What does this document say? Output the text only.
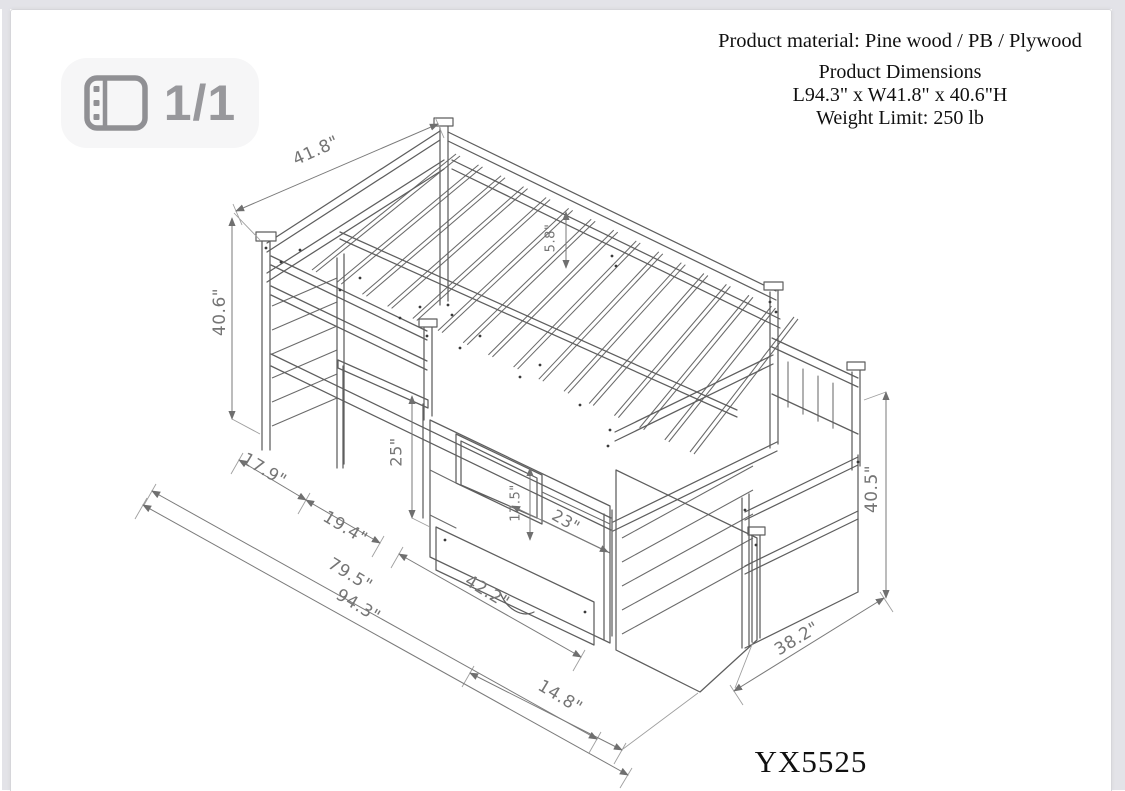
1/1
Product material: Pine wood / PB / Plywood
Product Dimensions
L94.3" x W41.8" x 40.6"H
Weight Limit: 250 lb
YX5525
41.8"
40.6"
5.8"
25"
17.5" 23"
17.9"
19.4"
79.5"
94.3"	42.2"
14.8"
38.2"
40.5"
